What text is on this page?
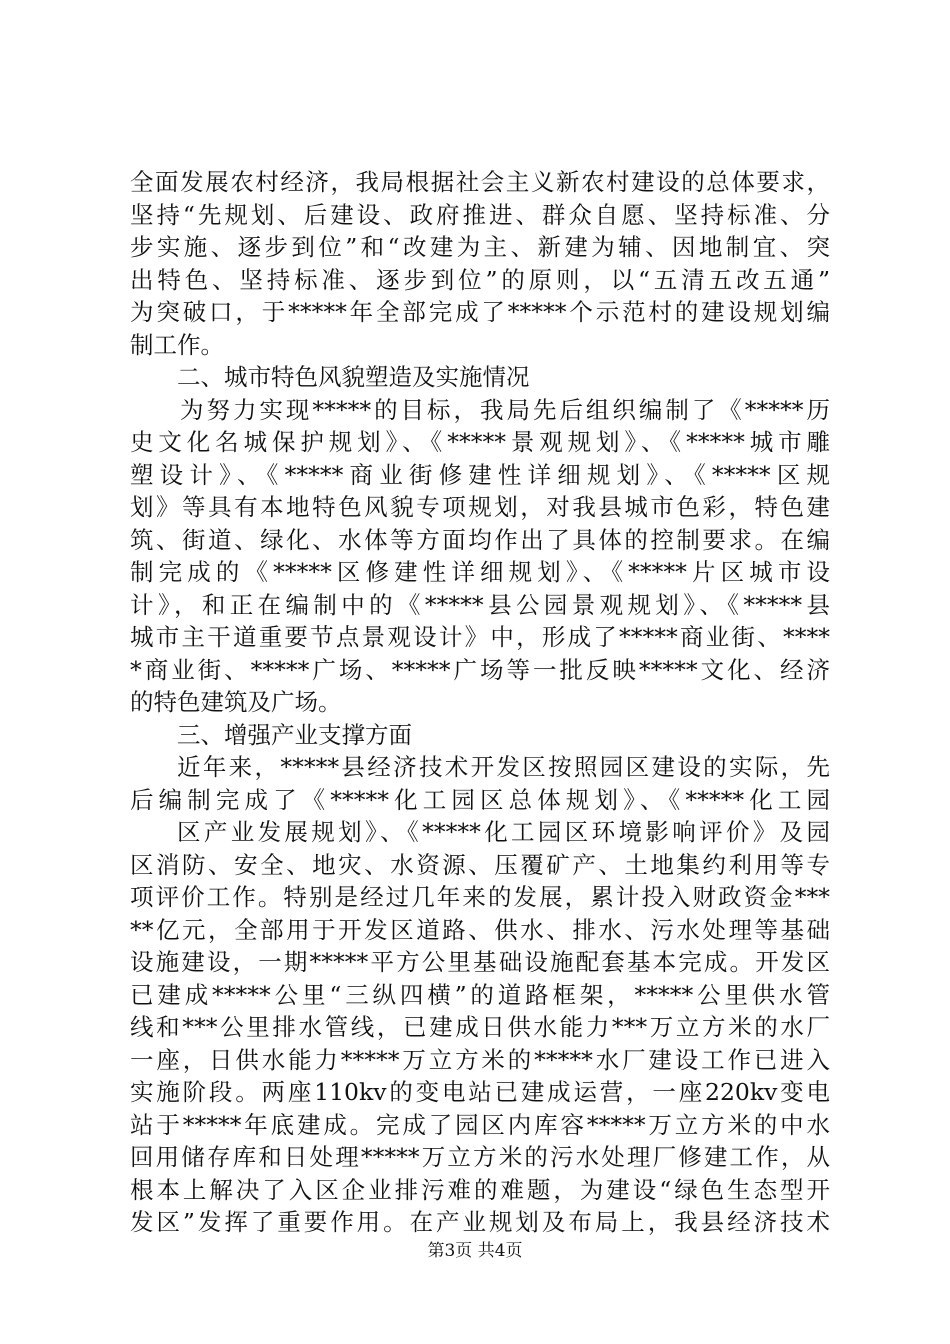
全面发展农村经济，我局根据社会主义新农村建设的总体要求，
坚持“先规划、后建设、政府推进、群众自愿、坚持标准、分
步实施、逐步到位”和“改建为主、新建为辅、因地制宜、突
出特色、坚持标准、逐步到位”的原则，以“五清五改五通”
为突破口，于*****年全部完成了*****个示范村的建设规划编
制工作。
二、城市特色风貌塑造及实施情况
为努力实现*****的目标，我局先后组织编制了《*****历
史文化名城保护规划》、《*****景观规划》、《*****城市雕
塑设计》、《*****商业街修建性详细规划》、《*****区规
划》等具有本地特色风貌专项规划，对我县城市色彩，特色建
筑、街道、绿化、水体等方面均作出了具体的控制要求。在编
制完成的《*****区修建性详细规划》、《*****片区城市设
计》，和正在编制中的《*****县公园景观规划》、《*****县
城市主干道重要节点景观设计》中，形成了*****商业街、****
*商业街、*****广场、*****广场等一批反映*****文化、经济
的特色建筑及广场。
三、增强产业支撑方面
近年来，*****县经济技术开发区按照园区建设的实际，先
后编制完成了《*****化工园区总体规划》、《*****化工园
区产业发展规划》、《*****化工园区环境影响评价》及园
区消防、安全、地灾、水资源、压覆矿产、土地集约利用等专
项评价工作。特别是经过几年来的发展，累计投入财政资金***
**亿元，全部用于开发区道路、供水、排水、污水处理等基础
设施建设，一期*****平方公里基础设施配套基本完成。开发区
已建成*****公里“三纵四横”的道路框架，*****公里供水管
线和***公里排水管线，已建成日供水能力***万立方米的水厂
一座，日供水能力*****万立方米的*****水厂建设工作已进入
实施阶段。两座110kv的变电站已建成运营，一座220kv变电
站于*****年底建成。完成了园区内库容*****万立方米的中水
回用储存库和日处理*****万立方米的污水处理厂修建工作，从
根本上解决了入区企业排污难的难题，为建设“绿色生态型开
发区”发挥了重要作用。在产业规划及布局上，我县经济技术
第3页 共4页
